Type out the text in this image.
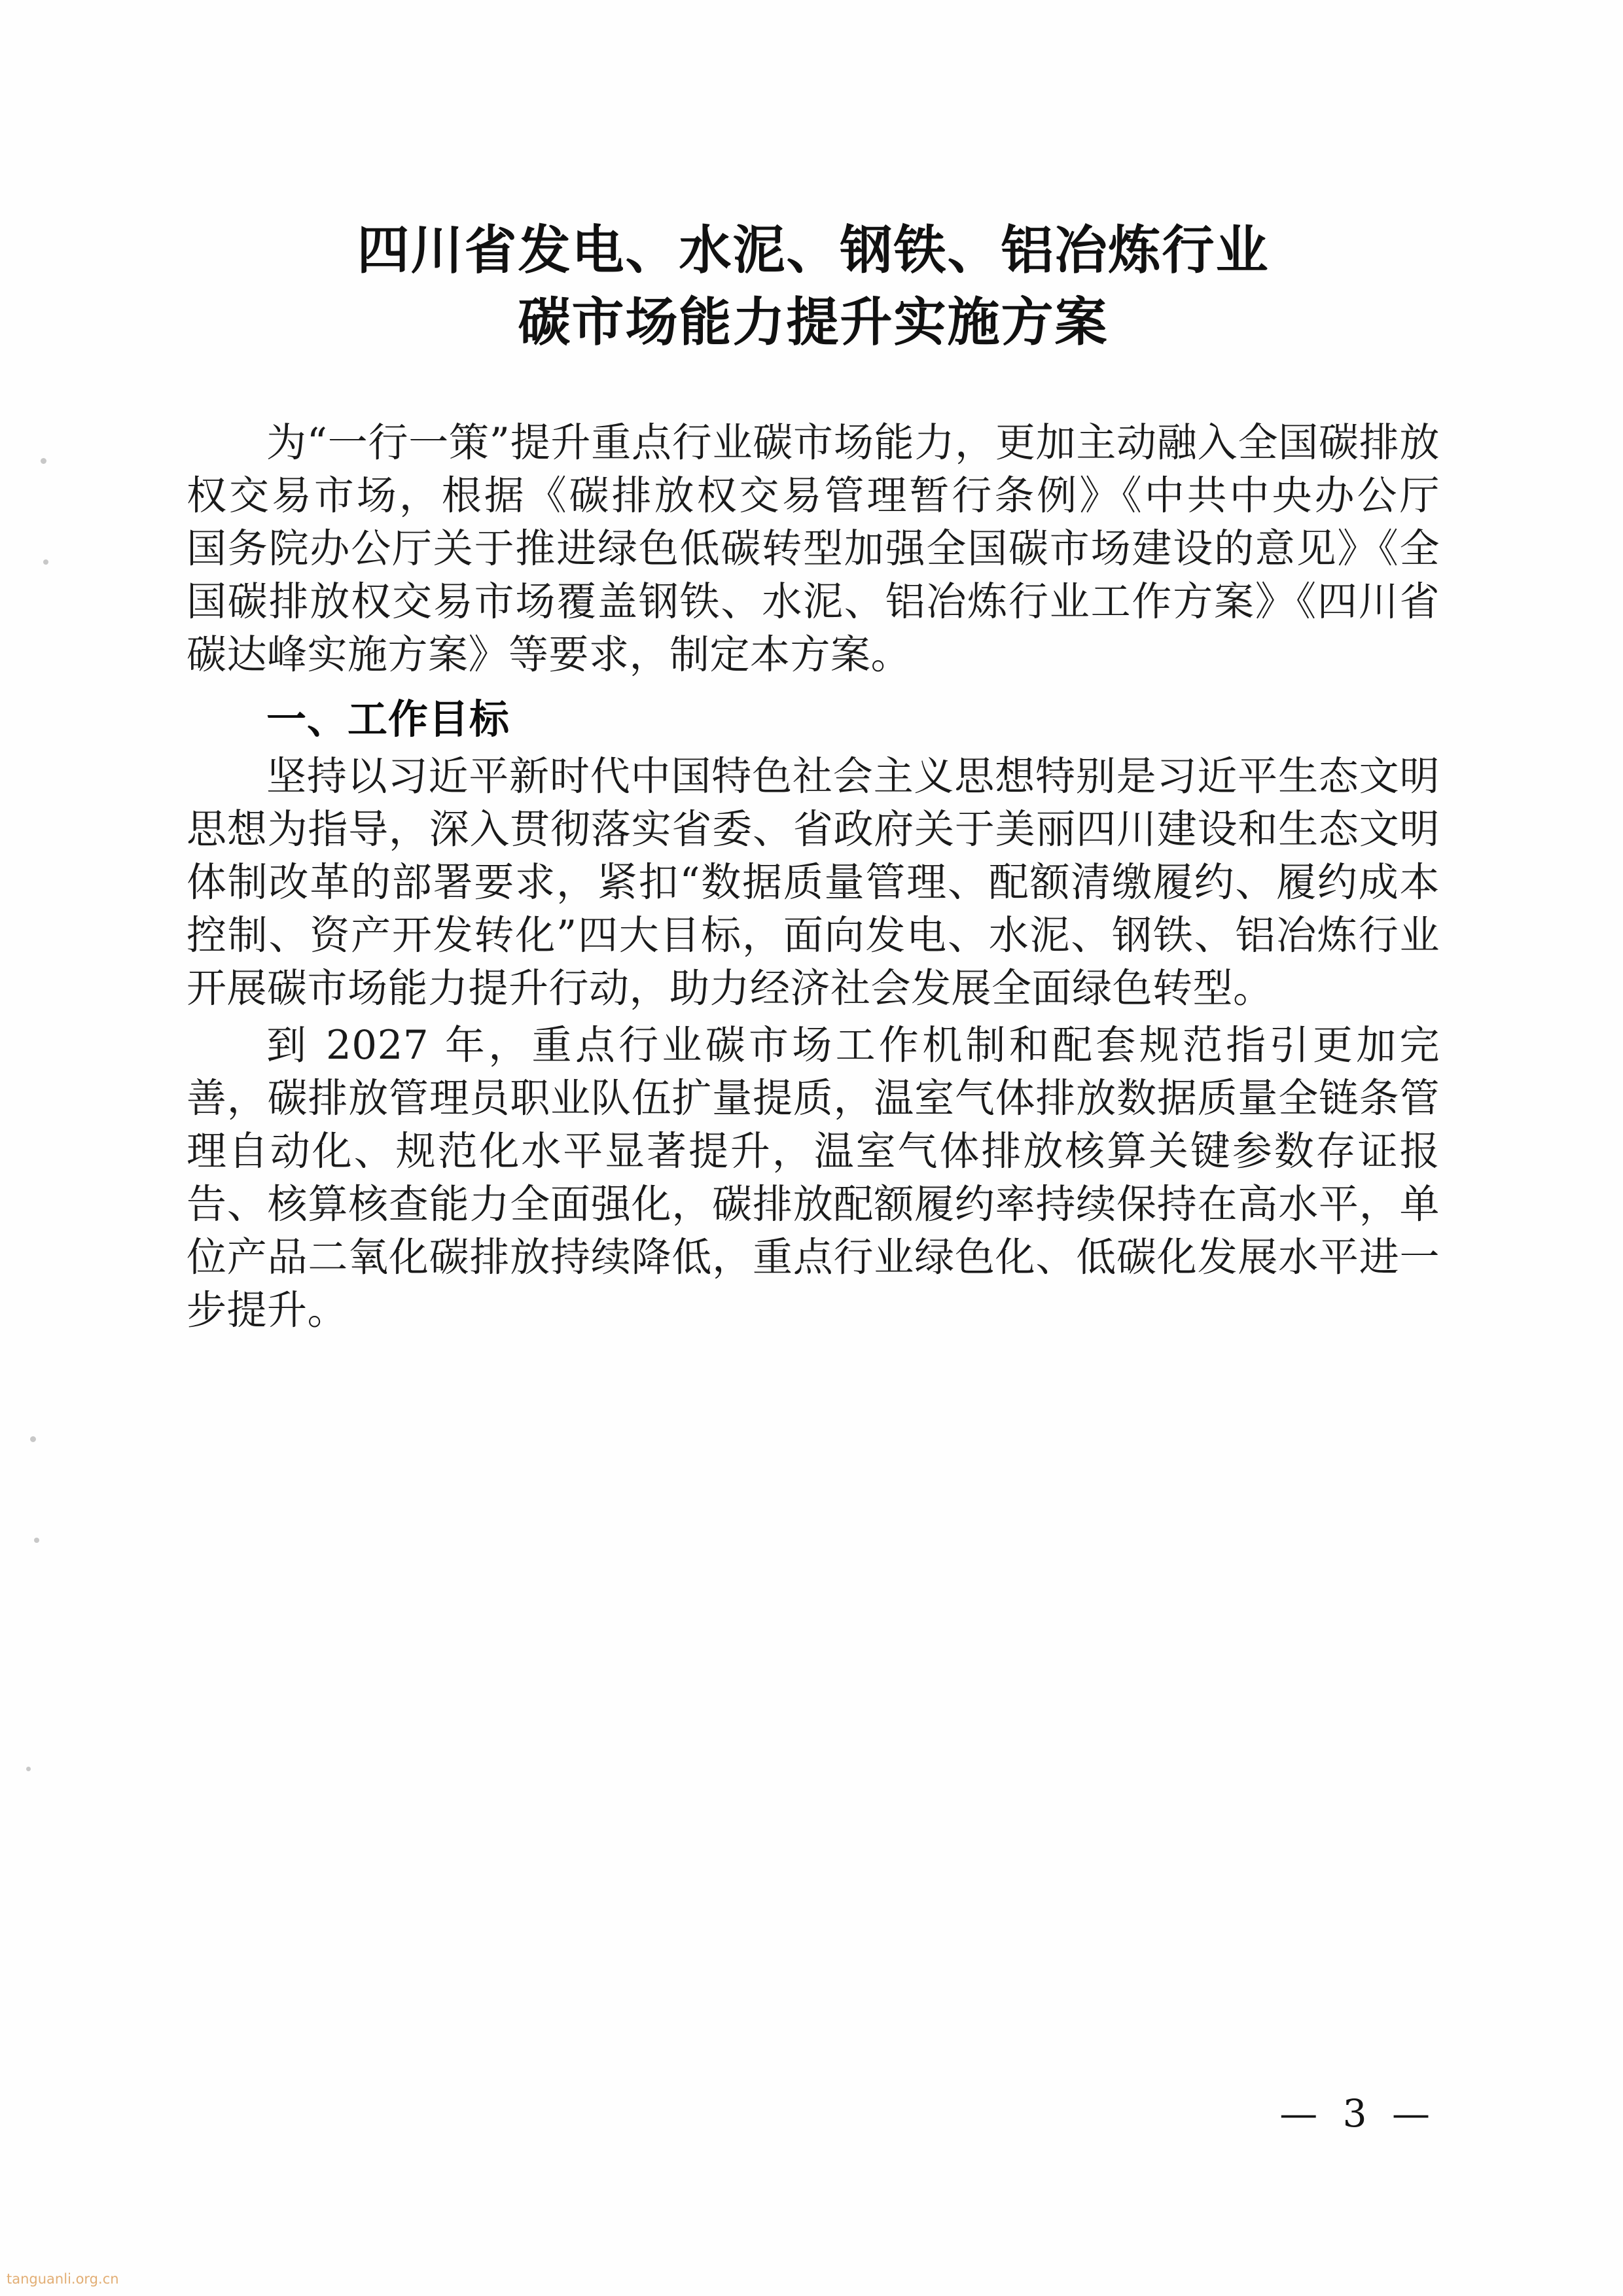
四川省发电、水泥、钢铁、铝冶炼行业
碳市场能力提升实施方案

为“一行一策”提升重点行业碳市场能力，更加主动融入全国碳排放权交易市场，根据《碳排放权交易管理暂行条例》《中共中央办公厅　国务院办公厅关于推进绿色低碳转型加强全国碳市场建设的意见》《全国碳排放权交易市场覆盖钢铁、水泥、铝冶炼行业工作方案》《四川省碳达峰实施方案》等要求，制定本方案。

一、工作目标

坚持以习近平新时代中国特色社会主义思想特别是习近平生态文明思想为指导，深入贯彻落实省委、省政府关于美丽四川建设和生态文明体制改革的部署要求，紧扣“数据质量管理、配额清缴履约、履约成本控制、资产开发转化”四大目标，面向发电、水泥、钢铁、铝冶炼行业开展碳市场能力提升行动，助力经济社会发展全面绿色转型。

到 2027 年，重点行业碳市场工作机制和配套规范指引更加完善，碳排放管理员职业队伍扩量提质，温室气体排放数据质量全链条管理自动化、规范化水平显著提升，温室气体排放核算关键参数存证报告、核算核查能力全面强化，碳排放配额履约率持续保持在高水平，单位产品二氧化碳排放持续降低，重点行业绿色化、低碳化发展水平进一步提升。

— 3 —
tanguanli.org.cn
